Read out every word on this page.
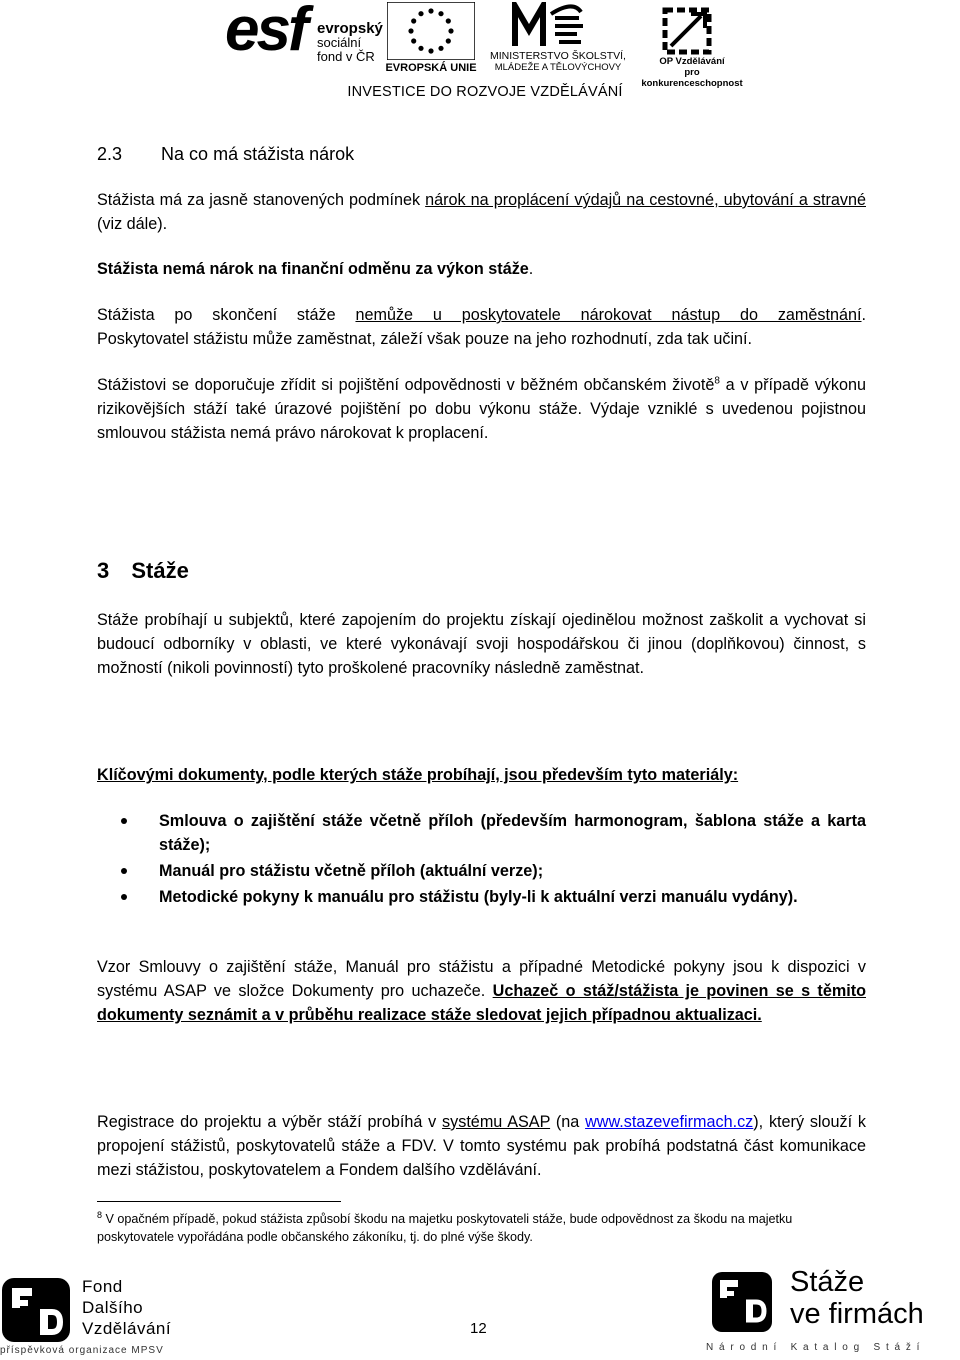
esf evropský
sociální
fond v ČR
EVROPSKÁ UNIE
MINISTERSTVO ŠKOLSTVÍ,
MLÁDEŽE A TĚLOVÝCHOVY
OP Vzdělávání
pro konkurenceschopnost
INVESTICE DO ROZVOJE VZDĚLÁVÁNÍ
2.3 Na co má stážista nárok
Stážista má za jasně stanovených podmínek nárok na proplácení výdajů na cestovné, ubytování a stravné (viz dále).
Stážista nemá nárok na finanční odměnu za výkon stáže.
Stážista po skončení stáže nemůže u poskytovatele nárokovat nástup do zaměstnání.
Poskytovatel stážistu může zaměstnat, záleží však pouze na jeho rozhodnutí, zda tak učiní.
Stážistovi se doporučuje zřídit si pojištění odpovědnosti v běžném občanském životě$^8$ a v případě výkonu rizikovějších stáží také úrazové pojištění po dobu výkonu stáže. Výdaje vzniklé s uvedenou pojistnou smlouvou stážista nemá právo nárokovat k proplacení.
3 Stáže
Stáže probíhají u subjektů, které zapojením do projektu získají ojedinělou možnost zaškolit a vychovat si budoucí odborníky v oblasti, ve které vykonávají svoji hospodářskou či jinou (doplňkovou) činnost, s možností (nikoli povinností) tyto proškolené pracovníky následně zaměstnat.
Klíčovými dokumenty, podle kterých stáže probíhají, jsou především tyto materiály:
Smlouva o zajištění stáže včetně příloh (především harmonogram, šablona stáže a karta stáže);
Manuál pro stážistu včetně příloh (aktuální verze);
Metodické pokyny k manuálu pro stážistu (byly-li k aktuální verzi manuálu vydány).
Vzor Smlouvy o zajištění stáže, Manuál pro stážistu a případné Metodické pokyny jsou k dispozici v systému ASAP ve složce Dokumenty pro uchazeče. Uchazeč o stáž/stážista je povinen se s těmito dokumenty seznámit a v průběhu realizace stáže sledovat jejich případnou aktualizaci.
Registrace do projektu a výběr stáží probíhá v systému ASAP (na www.stazevefirmach.cz), který slouží k propojení stážistů, poskytovatelů stáže a FDV. V tomto systému pak probíhá podstatná část komunikace mezi stážistou, poskytovatelem a Fondem dalšího vzdělávání.
$^8$ V opačném případě, pokud stážista způsobí škodu na majetku poskytovateli stáže, bude odpovědnost za škodu na majetku poskytovatele vypořádána podle občanského zákoníku, tj. do plné výše škody.
Fond
Dalšího
Vzdělávání
příspěvková organizace MPSV
12
Stáže
ve firmách
N á r o d n í   K a t a l o g   S t á ž í
